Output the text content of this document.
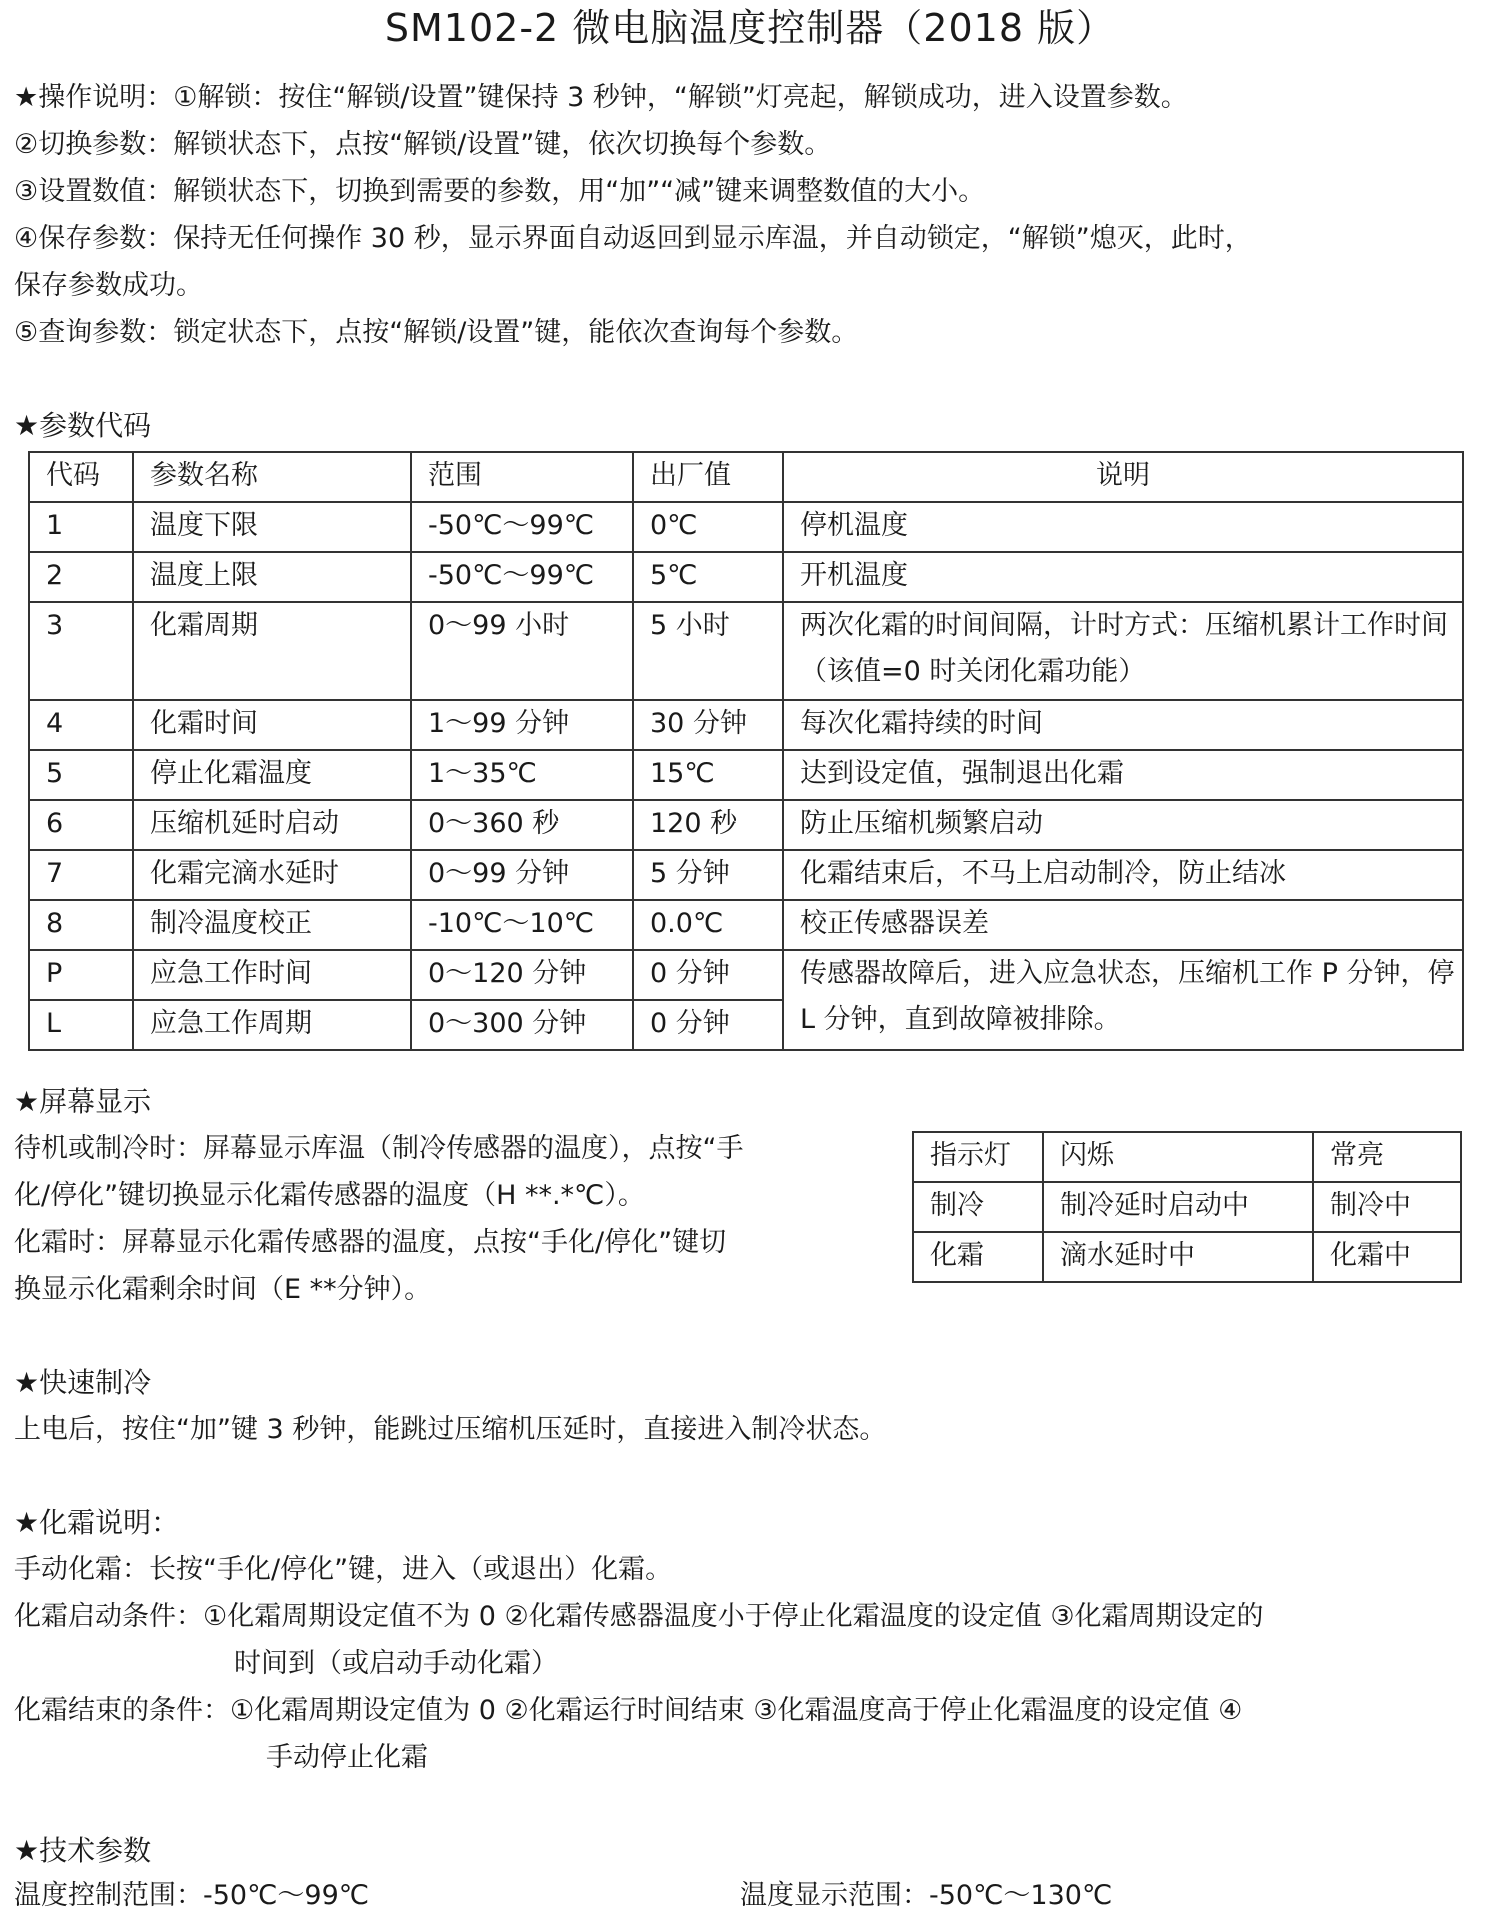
SM102-2 微电脑温度控制器（2018 版）
★操作说明：①解锁：按住“解锁/设置”键保持 3 秒钟，“解锁”灯亮起，解锁成功，进入设置参数。
②切换参数：解锁状态下，点按“解锁/设置”键，依次切换每个参数。
③设置数值：解锁状态下，切换到需要的参数，用“加”“减”键来调整数值的大小。
④保存参数：保持无任何操作 30 秒，显示界面自动返回到显示库温，并自动锁定，“解锁”熄灭，此时，
保存参数成功。
⑤查询参数：锁定状态下，点按“解锁/设置”键，能依次查询每个参数。
★参数代码
代码	参数名称	范围	出厂值	说明
1	温度下限	-50℃～99℃	0℃	停机温度
2	温度上限	-50℃～99℃	5℃	开机温度
3	化霜周期	0～99 小时	5 小时	两次化霜的时间间隔，计时方式：压缩机累计工作时间（该值=0 时关闭化霜功能）
4	化霜时间	1～99 分钟	30 分钟	每次化霜持续的时间
5	停止化霜温度	1～35℃	15℃	达到设定值，强制退出化霜
6	压缩机延时启动	0～360 秒	120 秒	防止压缩机频繁启动
7	化霜完滴水延时	0～99 分钟	5 分钟	化霜结束后，不马上启动制冷，防止结冰
8	制冷温度校正	-10℃～10℃	0.0℃	校正传感器误差
P	应急工作时间	0～120 分钟	0 分钟	传感器故障后，进入应急状态，压缩机工作 P 分钟，停 L 分钟，直到故障被排除。
L	应急工作周期	0～300 分钟	0 分钟	
★屏幕显示
待机或制冷时：屏幕显示库温（制冷传感器的温度），点按“手
化/停化”键切换显示化霜传感器的温度（H **.*℃）。
化霜时：屏幕显示化霜传感器的温度，点按“手化/停化”键切
换显示化霜剩余时间（E **分钟）。
指示灯	闪烁	常亮
制冷	制冷延时启动中	制冷中
化霜	滴水延时中	化霜中
★快速制冷
上电后，按住“加”键 3 秒钟，能跳过压缩机压延时，直接进入制冷状态。
★化霜说明：
手动化霜：长按“手化/停化”键，进入（或退出）化霜。
化霜启动条件：①化霜周期设定值不为 0 ②化霜传感器温度小于停止化霜温度的设定值 ③化霜周期设定的
时间到（或启动手动化霜）
化霜结束的条件：①化霜周期设定值为 0 ②化霜运行时间结束 ③化霜温度高于停止化霜温度的设定值 ④
手动停止化霜
★技术参数
温度控制范围：-50℃～99℃	温度显示范围：-50℃～130℃
